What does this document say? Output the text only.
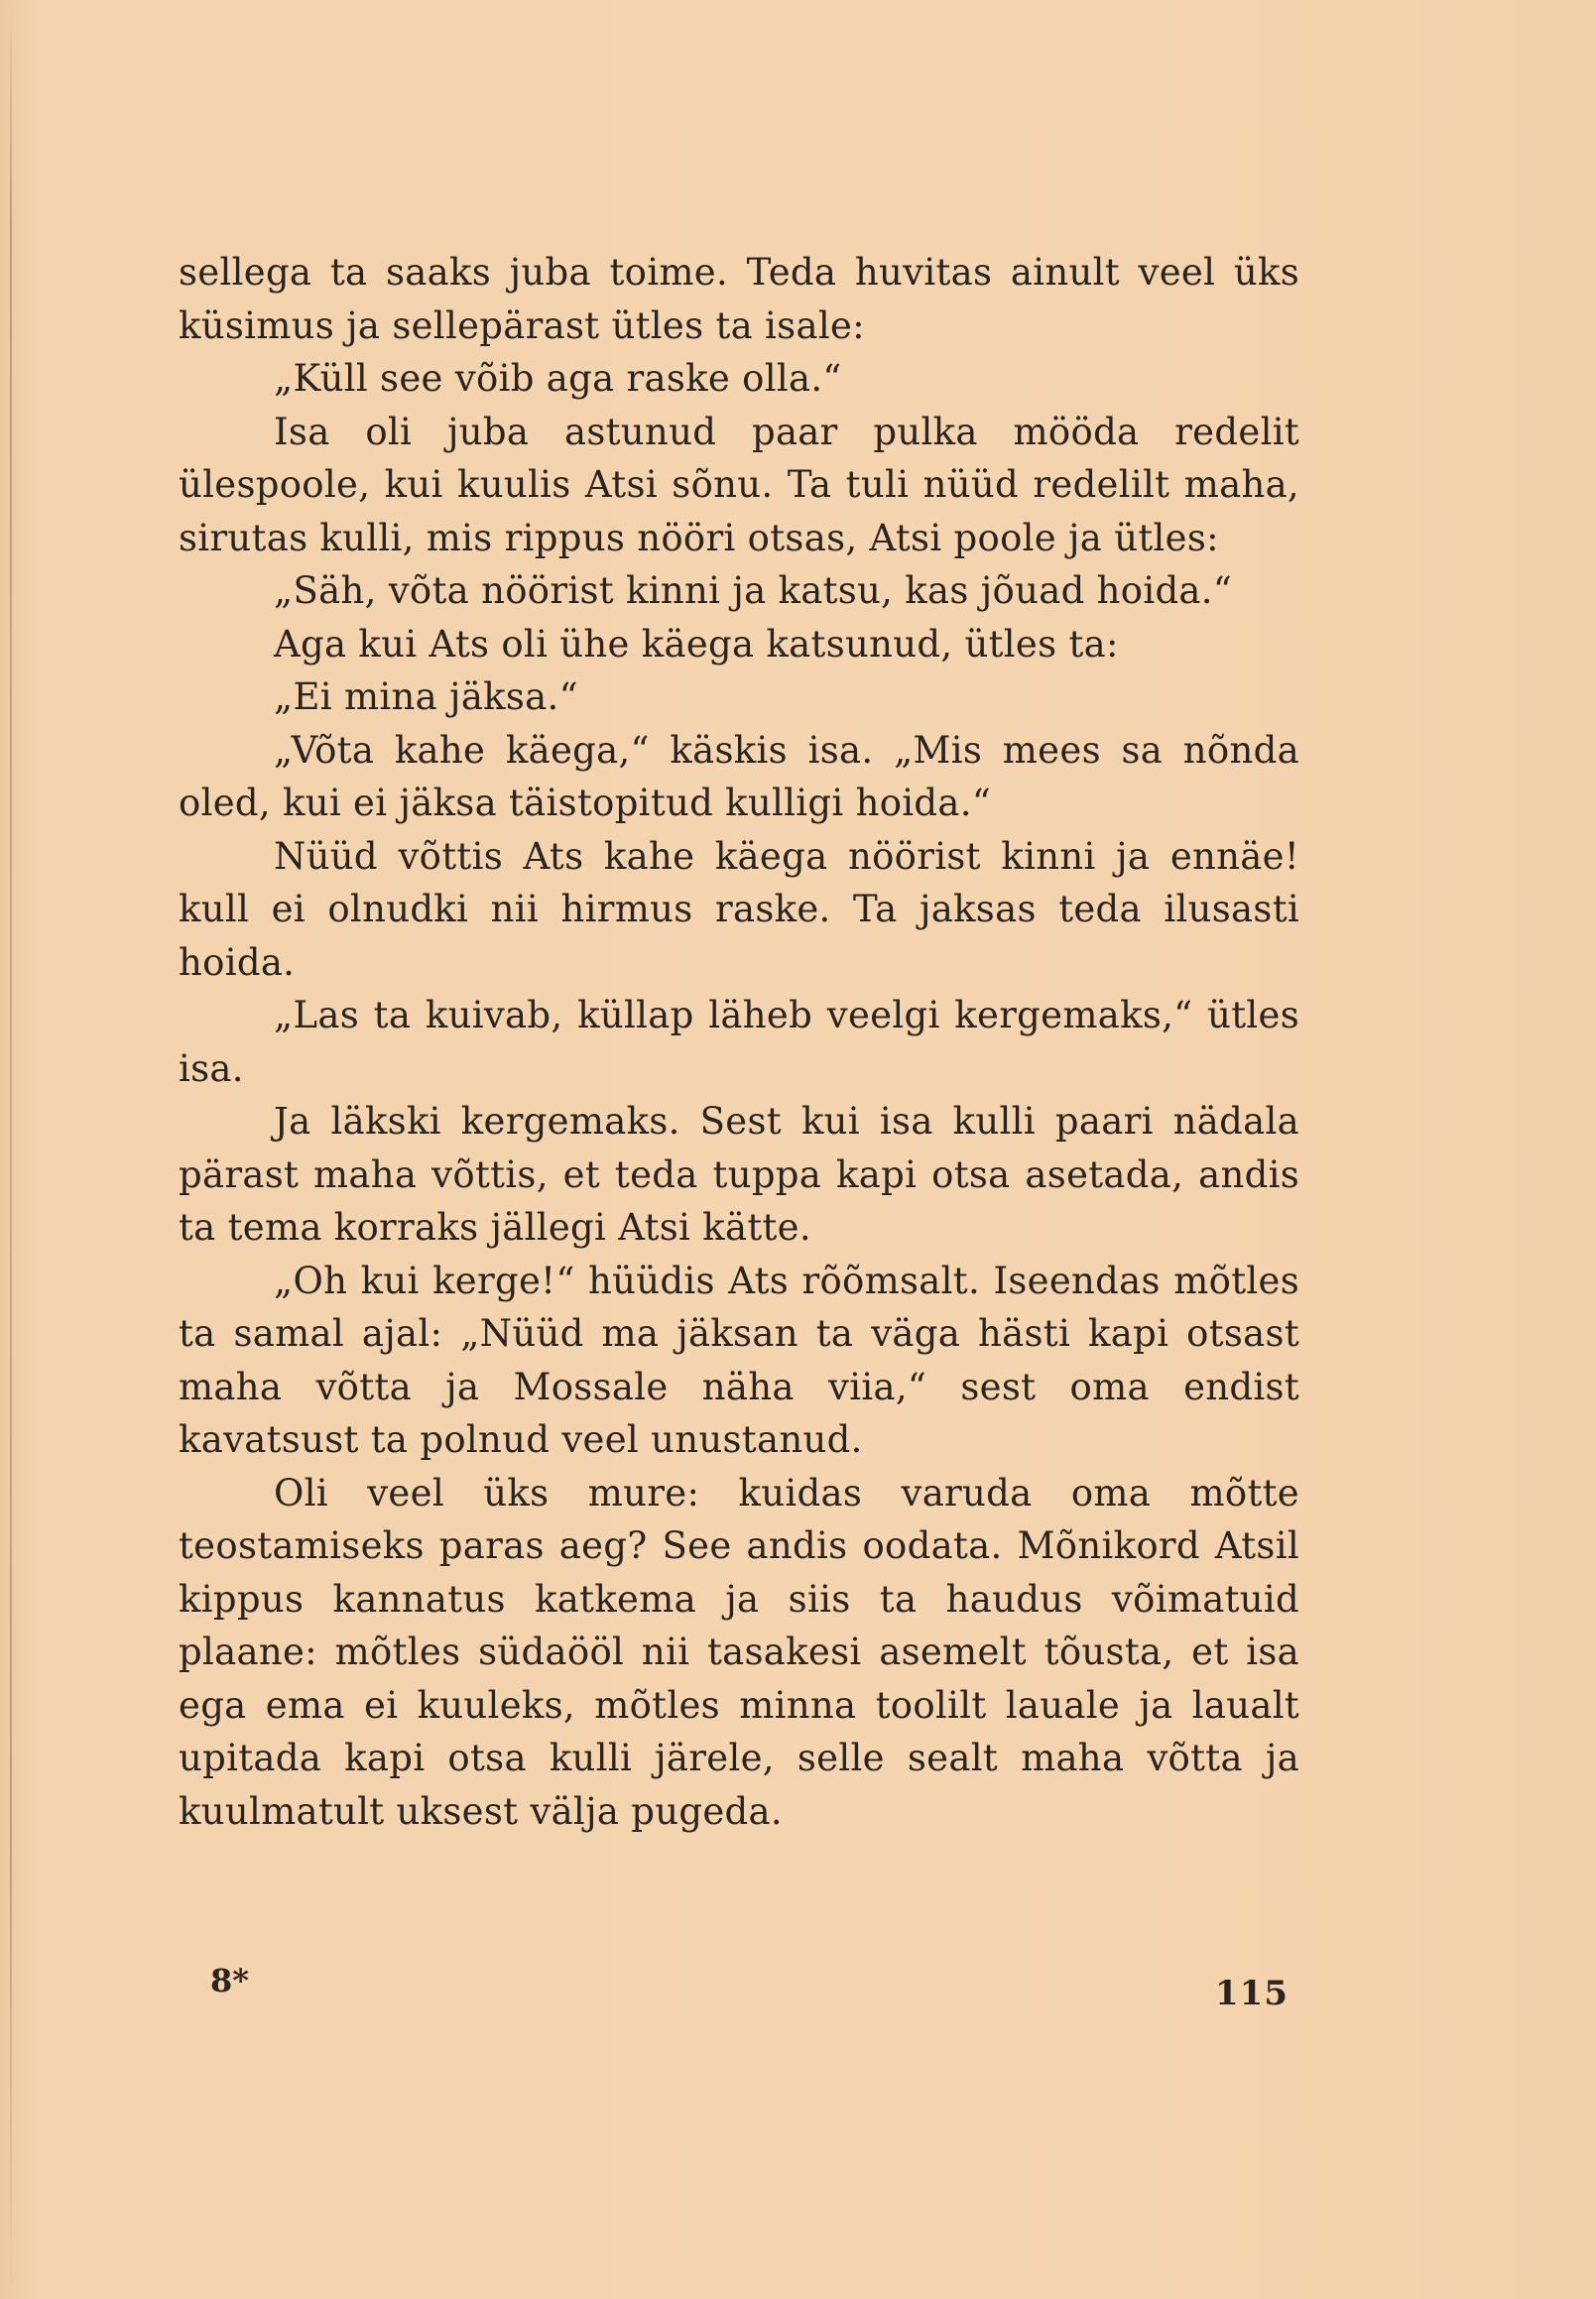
sellega ta saaks juba toime. Teda huvitas ainult veel üks küsimus ja sellepärast ütles ta isale:

„Küll see võib aga raske olla.“

Isa oli juba astunud paar pulka mööda redelit ülespoole, kui kuulis Atsi sõnu. Ta tuli nüüd redelilt maha, sirutas kulli, mis rippus nööri otsas, Atsi poole ja ütles:

„Säh, võta nöörist kinni ja katsu, kas jõuad hoida.“

Aga kui Ats oli ühe käega katsunud, ütles ta:

„Ei mina jäksa.“

„Võta kahe käega,“ käskis isa. „Mis mees sa nõnda oled, kui ei jäksa täistopitud kulligi hoida.“

Nüüd võttis Ats kahe käega nöörist kinni ja ennäe! kull ei olnudki nii hirmus raske. Ta jaksas teda ilusasti hoida.

„Las ta kuivab, küllap läheb veelgi kergemaks,“ ütles isa.

Ja läkski kergemaks. Sest kui isa kulli paari nädala pärast maha võttis, et teda tuppa kapi otsa asetada, andis ta tema korraks jällegi Atsi kätte.

„Oh kui kerge!“ hüüdis Ats rõõmsalt. Iseendas mõtles ta samal ajal: „Nüüd ma jäksan ta väga hästi kapi otsast maha võtta ja Mossale näha viia,“ sest oma endist kavatsust ta polnud veel unustanud.

Oli veel üks mure: kuidas varuda oma mõtte teostamiseks paras aeg? See andis oodata. Mõnikord Atsil kippus kannatus katkema ja siis ta haudus võimatuid plaane: mõtles südaööl nii tasakesi asemelt tõusta, et isa ega ema ei kuuleks, mõtles minna toolilt lauale ja laualt upitada kapi otsa kulli järele, selle sealt maha võtta ja kuulmatult uksest välja pugeda.

8*	115
